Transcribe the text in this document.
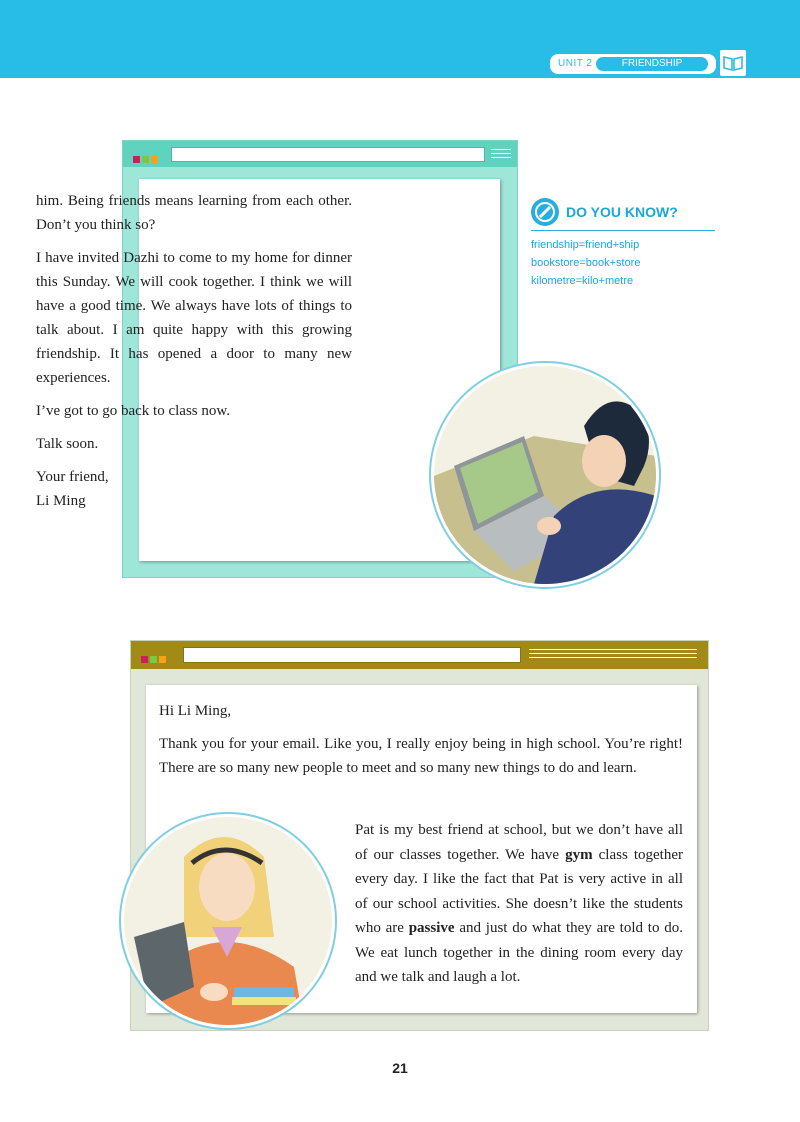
UNIT 2	FRIENDSHIP

him. Being friends means learning from each other. Don’t you think so?

I have invited Dazhi to come to my home for dinner this Sunday. We will cook together. I think we will have a good time. We always have lots of things to talk about. I am quite happy with this growing friendship. It has opened a door to many new experiences.

I’ve got to go back to class now.

Talk soon.

Your friend,
Li Ming
DO YOU KNOW?
friendship=friend+ship
bookstore=book+store
kilometre=kilo+metre

Hi Li Ming,

Thank you for your email. Like you, I really enjoy being in high school. You’re right! There are so many new people to meet and so many new things to do and learn.

Pat is my best friend at school, but we don’t have all of our classes together. We have gym class together every day. I like the fact that Pat is very active in all of our school activities. She doesn’t like the students who are passive and just do what they are told to do. We eat lunch together in the dining room every day and we talk and laugh a lot.
21
